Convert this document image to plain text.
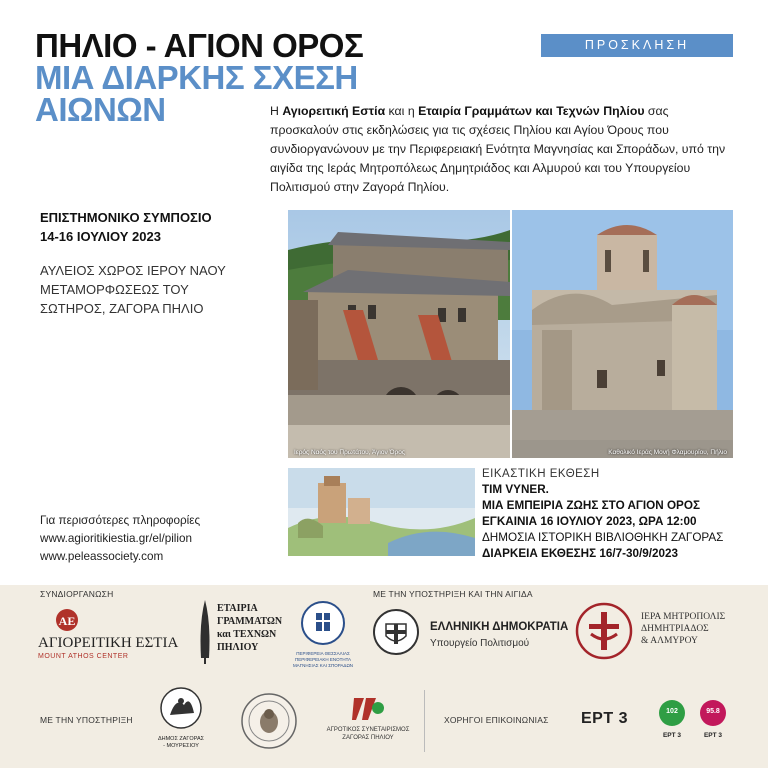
ΠΗΛΙΟ - ΑΓΙΟΝ ΟΡΟΣ
ΜΙΑ ΔΙΑΡΚΗΣ ΣΧΕΣΗ
ΑΙΩΝΩΝ
ΠΡΟΣΚΛΗΣΗ
Η Αγιορειτική Εστία και η Εταιρία Γραμμάτων και Τεχνών Πηλίου σας προσκαλούν στις εκδηλώσεις για τις σχέσεις Πηλίου και Αγίου Όρους που συνδιοργανώνουν με την Περιφερειακή Ενότητα Μαγνησίας και Σποράδων, υπό την αιγίδα της Ιεράς Μητροπόλεως Δημητριάδος και Αλμυρού και του Υπουργείου Πολιτισμού στην Ζαγορά Πηλίου.
ΕΠΙΣΤΗΜΟΝΙΚΟ ΣΥΜΠΟΣΙΟ
14-16 ΙΟΥΛΙΟΥ 2023
ΑΥΛΕΙΟΣ ΧΩΡΟΣ ΙΕΡΟΥ ΝΑΟΥ
ΜΕΤΑΜΟΡΦΩΣΕΩΣ ΤΟΥ
ΣΩΤΗΡΟΣ, ΖΑΓΟΡΑ ΠΗΛΙΟ
Ιερός Ναός του Πρωτάτου, Άγιον Όρος	Καθολικό Ιεράς Μονή Φλαμουρίου, Πήλιο
ΕΙΚΑΣΤΙΚΗ ΕΚΘΕΣΗ
TIM VYNER.
ΜΙΑ ΕΜΠΕΙΡΙΑ ΖΩΗΣ ΣΤΟ ΑΓΙΟΝ ΟΡΟΣ
ΕΓΚΑΙΝΙΑ 16 ΙΟΥΛΙΟΥ 2023, ΩΡΑ 12:00
ΔΗΜΟΣΙΑ ΙΣΤΟΡΙΚΗ ΒΙΒΛΙΟΘΗΚΗ ΖΑΓΟΡΑΣ
ΔΙΑΡΚΕΙΑ ΕΚΘΕΣΗΣ 16/7-30/9/2023
Για περισσότερες πληροφορίες
www.agioritikiestia.gr/el/pilion
www.peleassociety.com
ΣΥΝΔΙΟΡΓΑΝΩΣΗ	ΜΕ ΤΗΝ ΥΠΟΣΤΗΡΙΞΗ ΚΑΙ ΤΗΝ ΑΙΓΙΔΑ
ΑΕ
ΑΓΙΟΡΕΙΤΙΚΗ ΕΣΤΙΑ
MOUNT ATHOS CENTER
ΕΤΑΙΡΙΑ
ΓΡΑΜΜΑΤΩΝ
και ΤΕΧΝΩΝ
ΠΗΛΙΟΥ
ΠΕΡΙΦΕΡΕΙΑ ΘΕΣΣΑΛΙΑΣ ΠΕΡΙΦΕΡΕΙΑΚΗ ΕΝΟΤΗΤΑ ΜΑΓΝΗΣΙΑΣ ΚΑΙ ΣΠΟΡΑΔΩΝ
ΕΛΛΗΝΙΚΗ ΔΗΜΟΚΡΑΤΙΑ
Υπουργείο Πολιτισμού
ΙΕΡΑ ΜΗΤΡΟΠΟΛΙΣ
ΔΗΜΗΤΡΙΑΔΟΣ
& ΑΛΜΥΡΟΥ
ΜΕ ΤΗΝ ΥΠΟΣΤΗΡΙΞΗ
ΔΗΜΟΣ ΖΑΓΟΡΑΣ
- ΜΟΥΡΕΣΙΟΥ
ΑΓΡΟΤΙΚΟΣ ΣΥΝΕΤΑΙΡΙΣΜΟΣ
ΖΑΓΟΡΑΣ ΠΗΛΙΟΥ
ΧΟΡΗΓΟΙ ΕΠΙΚΟΙΝΩΝΙΑΣ ΕΡΤ 3	102
ΕΡΤ 3
95.8
ΕΡΤ 3
